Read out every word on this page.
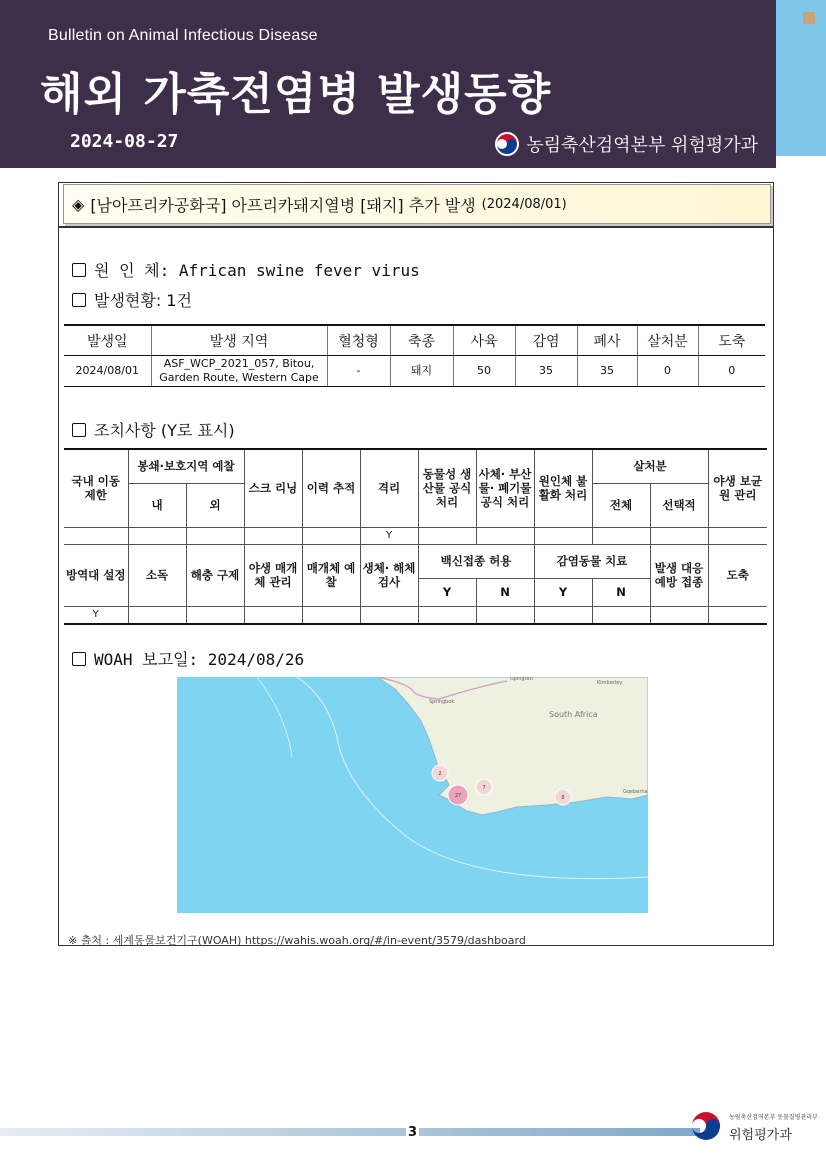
Bulletin on Animal Infectious Disease
해외 가축전염병 발생동향
2024-08-27	농림축산검역본부 위험평가과
◈ [남아프리카공화국] 아프리카돼지열병 [돼지] 추가 발생 (2024/08/01)
원 인 체: African swine fever virus
발생현황: 1건
발생일	발생 지역	혈청형	축종	사육	감염	폐사	살처분	도축
2024/08/01	ASF_WCP_2021_057, Bitou, Garden Route, Western Cape	-	돼지	50	35	35	0	0
조치사항 (Y로 표시)
국내 이동 제한	봉쇄·보호지역 예찰		스크 리닝	이력 추적	격리	동물성 생산물 공식 처리	사체· 부산물· 폐기물 공식 처리	원인체 불활화 처리	살처분		야생 보균원 관리
	내	외							전체	선택적	
					Y						
방역대 설정	소독	해충 구제	야생 매개체 관리	매개체 예찰	생체· 해체 검사	백신접종 허용		감염동물 치료		발생 대응 예방 접종	도축
						Y	N	Y	N		
Y											
WOAH 보고일: 2024/08/26
Springbok
Upington
Kimberley
South Africa
Gqeberha
2
7
27	8
※ 출처 : 세계동물보건기구(WOAH) https://wahis.woah.org/#/in-event/3579/dashboard
3
농림축산검역본부 동물질병관리부
위험평가과
